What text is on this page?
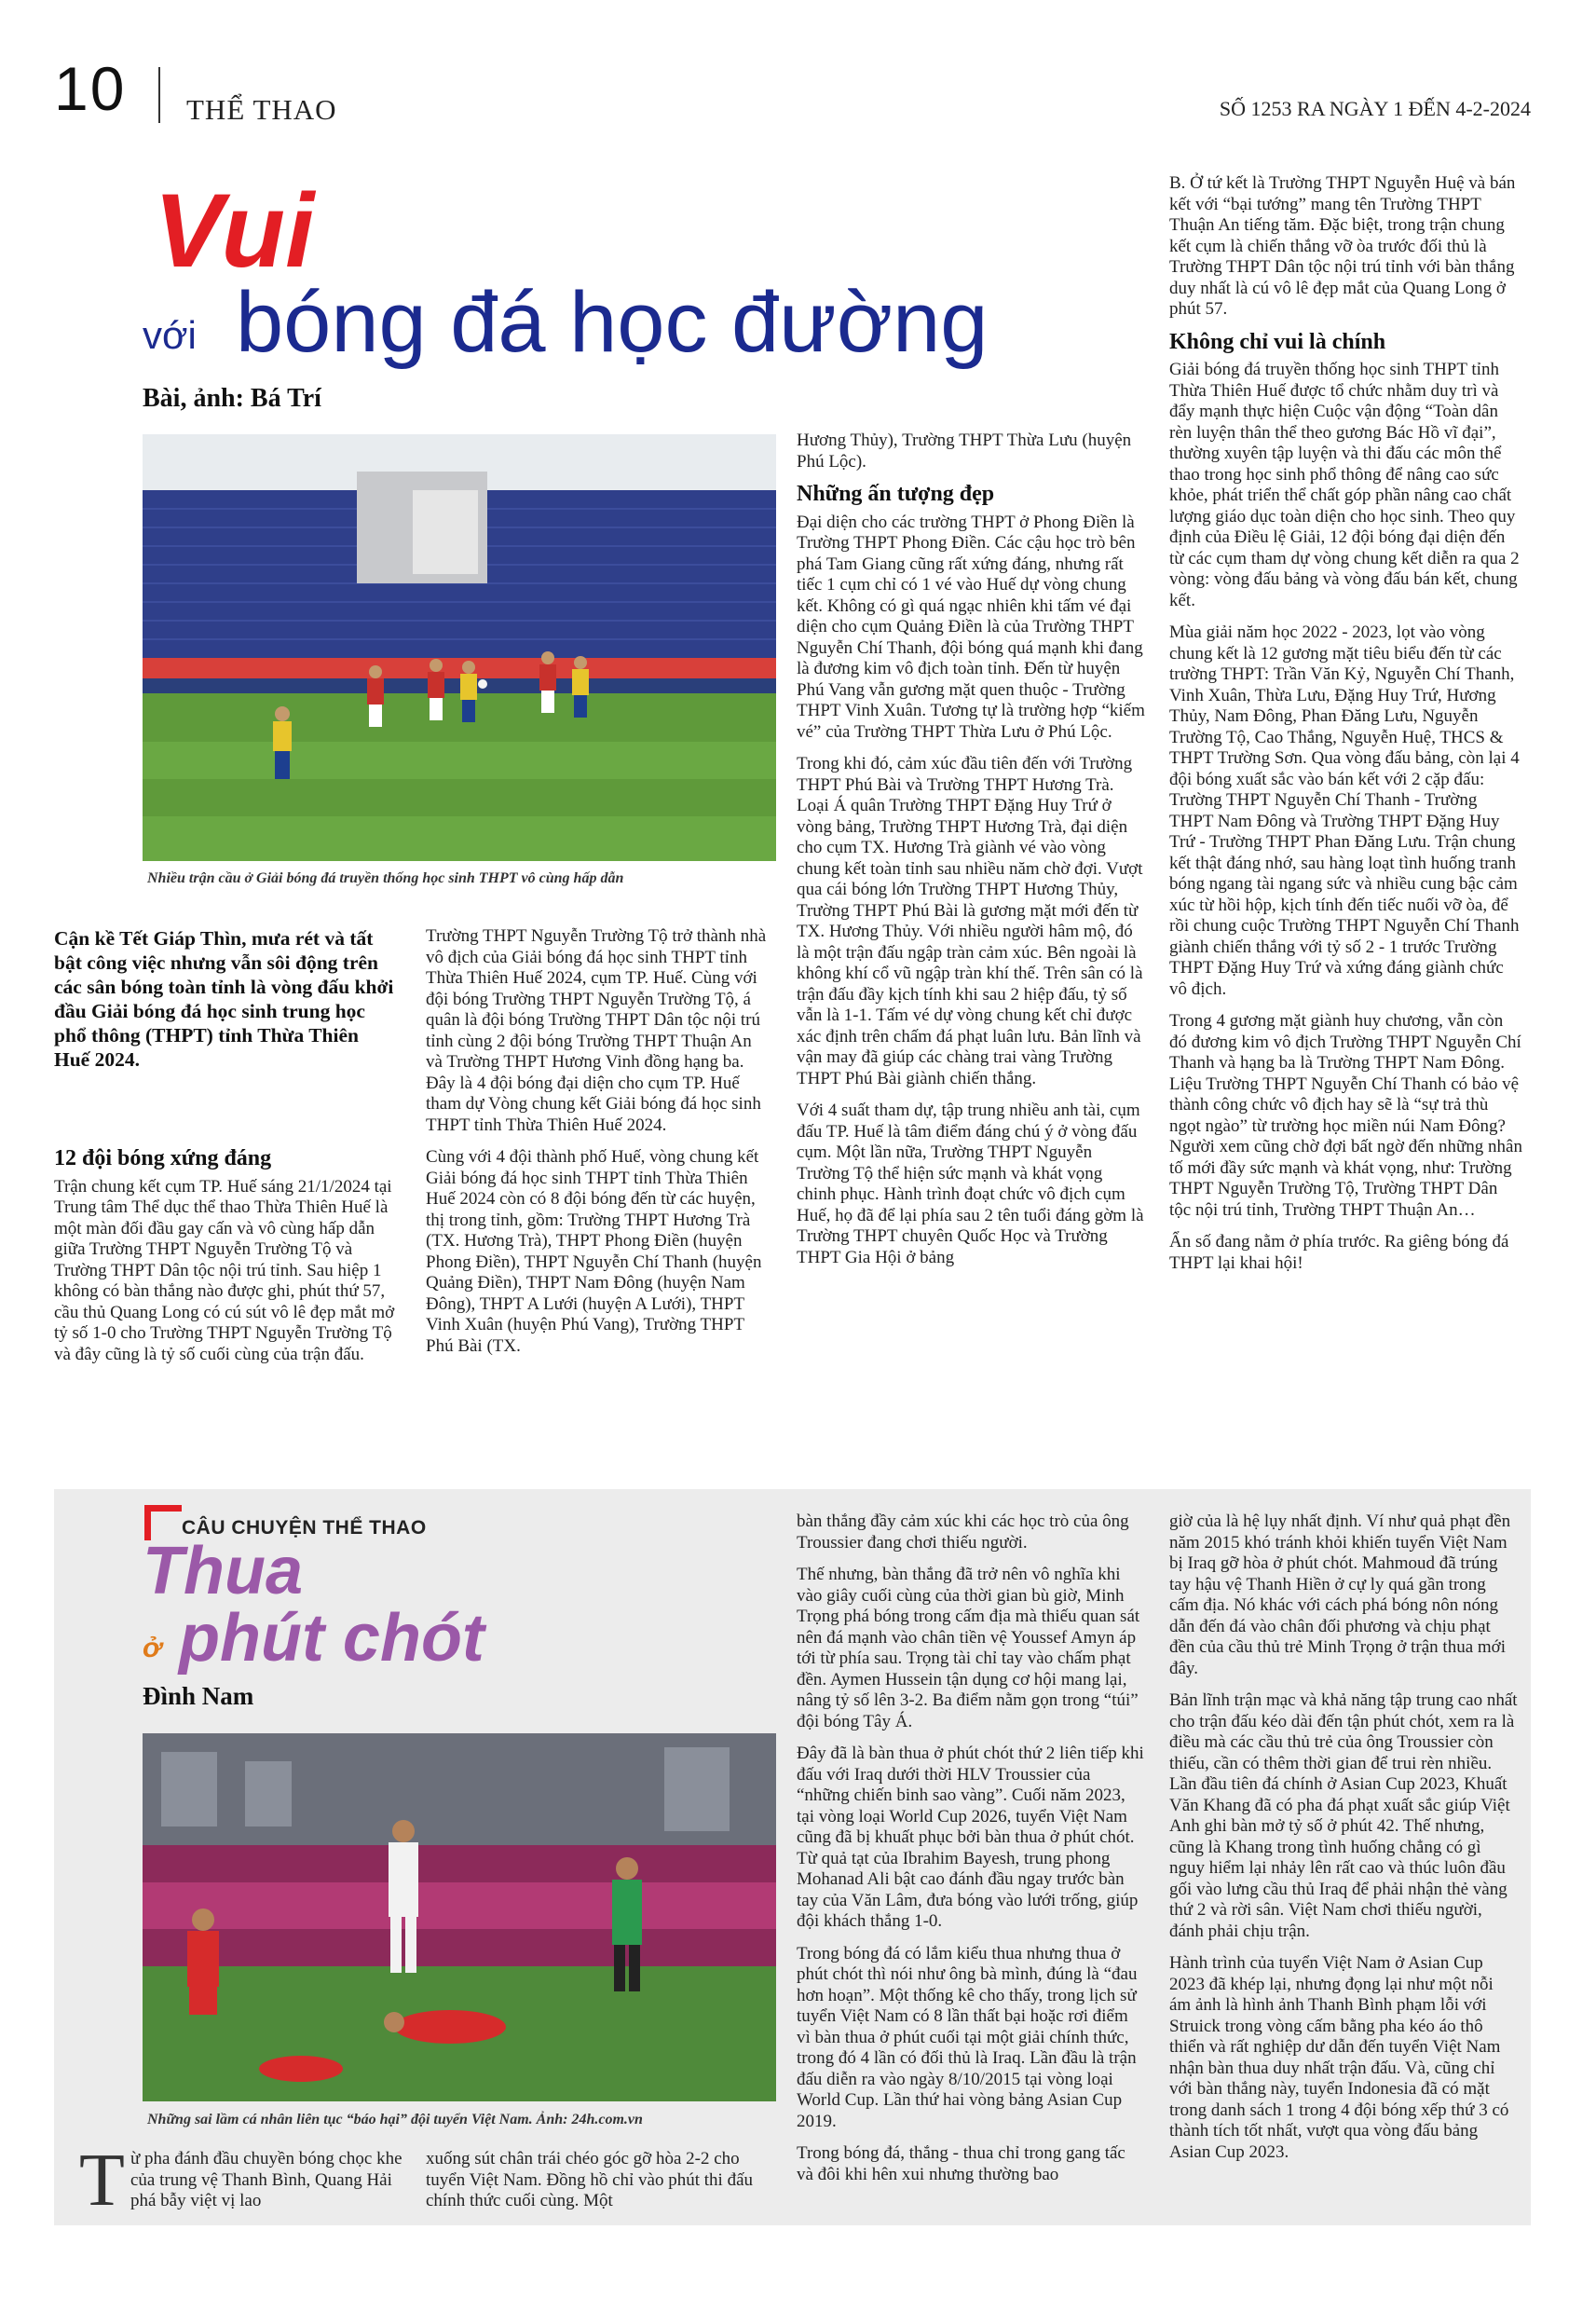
10 THỂ THAO	SỐ 1253 RA NGÀY 1 ĐẾN 4-2-2024
Vui
với bóng đá học đường
Bài, ảnh: Bá Trí
Nhiều trận cầu ở Giải bóng đá truyền thống học sinh THPT vô cùng hấp dẫn
Cận kề Tết Giáp Thìn, mưa rét và tất bật công việc nhưng vẫn sôi động trên các sân bóng toàn tỉnh là vòng đấu khởi đầu Giải bóng đá học sinh trung học phổ thông (THPT) tỉnh Thừa Thiên Huế 2024.
12 đội bóng xứng đáng

Trận chung kết cụm TP. Huế sáng 21/1/2024 tại Trung tâm Thể dục thể thao Thừa Thiên Huế là một màn đối đầu gay cấn và vô cùng hấp dẫn giữa Trường THPT Nguyễn Trường Tộ và Trường THPT Dân tộc nội trú tỉnh. Sau hiệp 1 không có bàn thắng nào được ghi, phút thứ 57, cầu thủ Quang Long có cú sút vô lê đẹp mắt mở tỷ số 1-0 cho Trường THPT Nguyễn Trường Tộ và đây cũng là tỷ số cuối cùng của trận đấu.

Trường THPT Nguyễn Trường Tộ trở thành nhà vô địch của Giải bóng đá học sinh THPT tỉnh Thừa Thiên Huế 2024, cụm TP. Huế. Cùng với đội bóng Trường THPT Nguyễn Trường Tộ, á quân là đội bóng Trường THPT Dân tộc nội trú tỉnh cùng 2 đội bóng Trường THPT Thuận An và Trường THPT Hương Vinh đồng hạng ba. Đây là 4 đội bóng đại diện cho cụm TP. Huế tham dự Vòng chung kết Giải bóng đá học sinh THPT tỉnh Thừa Thiên Huế 2024.

Cùng với 4 đội thành phố Huế, vòng chung kết Giải bóng đá học sinh THPT tỉnh Thừa Thiên Huế 2024 còn có 8 đội bóng đến từ các huyện, thị trong tỉnh, gồm: Trường THPT Hương Trà (TX. Hương Trà), THPT Phong Điền (huyện Phong Điền), THPT Nguyễn Chí Thanh (huyện Quảng Điền), THPT Nam Đông (huyện Nam Đông), THPT A Lưới (huyện A Lưới), THPT Vinh Xuân (huyện Phú Vang), Trường THPT Phú Bài (TX.

Hương Thủy), Trường THPT Thừa Lưu (huyện Phú Lộc).

Những ấn tượng đẹp

Đại diện cho các trường THPT ở Phong Điền là Trường THPT Phong Điền. Các cậu học trò bên phá Tam Giang cũng rất xứng đáng, nhưng rất tiếc 1 cụm chỉ có 1 vé vào Huế dự vòng chung kết. Không có gì quá ngạc nhiên khi tấm vé đại diện cho cụm Quảng Điền là của Trường THPT Nguyễn Chí Thanh, đội bóng quá mạnh khi đang là đương kim vô địch toàn tỉnh. Đến từ huyện Phú Vang vẫn gương mặt quen thuộc - Trường THPT Vinh Xuân. Tương tự là trường hợp “kiếm vé” của Trường THPT Thừa Lưu ở Phú Lộc.

Trong khi đó, cảm xúc đầu tiên đến với Trường THPT Phú Bài và Trường THPT Hương Trà. Loại Á quân Trường THPT Đặng Huy Trứ ở vòng bảng, Trường THPT Hương Trà, đại diện cho cụm TX. Hương Trà giành vé vào vòng chung kết toàn tỉnh sau nhiều năm chờ đợi. Vượt qua cái bóng lớn Trường THPT Hương Thủy, Trường THPT Phú Bài là gương mặt mới đến từ TX. Hương Thủy. Với nhiều người hâm mộ, đó là một trận đấu ngập tràn cảm xúc. Bên ngoài là không khí cổ vũ ngập tràn khí thế. Trên sân có là trận đấu đầy kịch tính khi sau 2 hiệp đấu, tỷ số vẫn là 1-1. Tấm vé dự vòng chung kết chỉ được xác định trên chấm đá phạt luân lưu. Bản lĩnh và vận may đã giúp các chàng trai vàng Trường THPT Phú Bài giành chiến thắng.

Với 4 suất tham dự, tập trung nhiều anh tài, cụm đấu TP. Huế là tâm điểm đáng chú ý ở vòng đấu cụm. Một lần nữa, Trường THPT Nguyễn Trường Tộ thể hiện sức mạnh và khát vọng chinh phục. Hành trình đoạt chức vô địch cụm Huế, họ đã để lại phía sau 2 tên tuổi đáng gờm là Trường THPT chuyên Quốc Học và Trường THPT Gia Hội ở bảng

B. Ở tứ kết là Trường THPT Nguyễn Huệ và bán kết với “bại tướng” mang tên Trường THPT Thuận An tiếng tăm. Đặc biệt, trong trận chung kết cụm là chiến thắng vỡ òa trước đối thủ là Trường THPT Dân tộc nội trú tỉnh với bàn thắng duy nhất là cú vô lê đẹp mắt của Quang Long ở phút 57.

Không chỉ vui là chính

Giải bóng đá truyền thống học sinh THPT tỉnh Thừa Thiên Huế được tổ chức nhằm duy trì và đẩy mạnh thực hiện Cuộc vận động “Toàn dân rèn luyện thân thể theo gương Bác Hồ vĩ đại”, thường xuyên tập luyện và thi đấu các môn thể thao trong học sinh phổ thông để nâng cao sức khỏe, phát triển thể chất góp phần nâng cao chất lượng giáo dục toàn diện cho học sinh. Theo quy định của Điều lệ Giải, 12 đội bóng đại diện đến từ các cụm tham dự vòng chung kết diễn ra qua 2 vòng: vòng đấu bảng và vòng đấu bán kết, chung kết.

Mùa giải năm học 2022 - 2023, lọt vào vòng chung kết là 12 gương mặt tiêu biểu đến từ các trường THPT: Trần Văn Kỷ, Nguyễn Chí Thanh, Vinh Xuân, Thừa Lưu, Đặng Huy Trứ, Hương Thủy, Nam Đông, Phan Đăng Lưu, Nguyễn Trường Tộ, Cao Thắng, Nguyễn Huệ, THCS & THPT Trường Sơn. Qua vòng đấu bảng, còn lại 4 đội bóng xuất sắc vào bán kết với 2 cặp đấu: Trường THPT Nguyễn Chí Thanh - Trường THPT Nam Đông và Trường THPT Đặng Huy Trứ - Trường THPT Phan Đăng Lưu. Trận chung kết thật đáng nhớ, sau hàng loạt tình huống tranh bóng ngang tài ngang sức và nhiều cung bậc cảm xúc từ hồi hộp, kịch tính đến tiếc nuối vỡ òa, để rồi chung cuộc Trường THPT Nguyễn Chí Thanh giành chiến thắng với tỷ số 2 - 1 trước Trường THPT Đặng Huy Trứ và xứng đáng giành chức vô địch.

Trong 4 gương mặt giành huy chương, vẫn còn đó đương kim vô địch Trường THPT Nguyễn Chí Thanh và hạng ba là Trường THPT Nam Đông. Liệu Trường THPT Nguyễn Chí Thanh có bảo vệ thành công chức vô địch hay sẽ là “sự trả thù ngọt ngào” từ trường học miền núi Nam Đông? Người xem cũng chờ đợi bất ngờ đến những nhân tố mới đầy sức mạnh và khát vọng, như: Trường THPT Nguyễn Trường Tộ, Trường THPT Dân tộc nội trú tỉnh, Trường THPT Thuận An…

Ẩn số đang nằm ở phía trước. Ra giêng bóng đá THPT lại khai hội!

CÂU CHUYỆN THỂ THAO
Thua
ở phút chót
Đình Nam
Những sai lầm cá nhân liên tục “báo hại” đội tuyển Việt Nam. Ảnh: 24h.com.vn
T ừ pha đánh đầu chuyền bóng chọc khe của trung vệ Thanh Bình, Quang Hải phá bẫy việt vị lao

xuống sút chân trái chéo góc gỡ hòa 2-2 cho tuyển Việt Nam. Đồng hồ chỉ vào phút thi đấu chính thức cuối cùng. Một

bàn thắng đầy cảm xúc khi các học trò của ông Troussier đang chơi thiếu người.

Thế nhưng, bàn thắng đã trở nên vô nghĩa khi vào giây cuối cùng của thời gian bù giờ, Minh Trọng phá bóng trong cấm địa mà thiếu quan sát nên đá mạnh vào chân tiền vệ Youssef Amyn áp tới từ phía sau. Trọng tài chỉ tay vào chấm phạt đền. Aymen Hussein tận dụng cơ hội mang lại, nâng tỷ số lên 3-2. Ba điểm nằm gọn trong “túi” đội bóng Tây Á.

Đây đã là bàn thua ở phút chót thứ 2 liên tiếp khi đấu với Iraq dưới thời HLV Troussier của “những chiến binh sao vàng”. Cuối năm 2023, tại vòng loại World Cup 2026, tuyển Việt Nam cũng đã bị khuất phục bởi bàn thua ở phút chót. Từ quả tạt của Ibrahim Bayesh, trung phong Mohanad Ali bật cao đánh đầu ngay trước bàn tay của Văn Lâm, đưa bóng vào lưới trống, giúp đội khách thắng 1-0.

Trong bóng đá có lắm kiểu thua nhưng thua ở phút chót thì nói như ông bà mình, đúng là “đau hơn hoạn”. Một thống kê cho thấy, trong lịch sử tuyển Việt Nam có 8 lần thất bại hoặc rơi điểm vì bàn thua ở phút cuối tại một giải chính thức, trong đó 4 lần có đối thủ là Iraq. Lần đầu là trận đấu diễn ra vào ngày 8/10/2015 tại vòng loại World Cup. Lần thứ hai vòng bảng Asian Cup 2019.

Trong bóng đá, thắng - thua chỉ trong gang tấc và đôi khi hên xui nhưng thường bao

giờ của là hệ lụy nhất định. Ví như quả phạt đền năm 2015 khó tránh khỏi khiến tuyển Việt Nam bị Iraq gỡ hòa ở phút chót. Mahmoud đã trúng tay hậu vệ Thanh Hiền ở cự ly quá gần trong cấm địa. Nó khác với cách phá bóng nôn nóng dẫn đến đá vào chân đối phương và chịu phạt đền của cầu thủ trẻ Minh Trọng ở trận thua mới đây.

Bản lĩnh trận mạc và khả năng tập trung cao nhất cho trận đấu kéo dài đến tận phút chót, xem ra là điều mà các cầu thủ trẻ của ông Troussier còn thiếu, cần có thêm thời gian để trui rèn nhiều. Lần đầu tiên đá chính ở Asian Cup 2023, Khuất Văn Khang đã có pha đá phạt xuất sắc giúp Việt Anh ghi bàn mở tỷ số ở phút 42. Thế nhưng, cũng là Khang trong tình huống chẳng có gì nguy hiểm lại nhảy lên rất cao và thúc luôn đầu gối vào lưng cầu thủ Iraq để phải nhận thẻ vàng thứ 2 và rời sân. Việt Nam chơi thiếu người, đánh phải chịu trận.

Hành trình của tuyển Việt Nam ở Asian Cup 2023 đã khép lại, nhưng đọng lại như một nỗi ám ảnh là hình ảnh Thanh Bình phạm lỗi với Struick trong vòng cấm bằng pha kéo áo thô thiển và rất nghiệp dư dẫn đến tuyển Việt Nam nhận bàn thua duy nhất trận đấu. Và, cũng chỉ với bàn thắng này, tuyển Indonesia đã có mặt trong danh sách 1 trong 4 đội bóng xếp thứ 3 có thành tích tốt nhất, vượt qua vòng đấu bảng Asian Cup 2023.
